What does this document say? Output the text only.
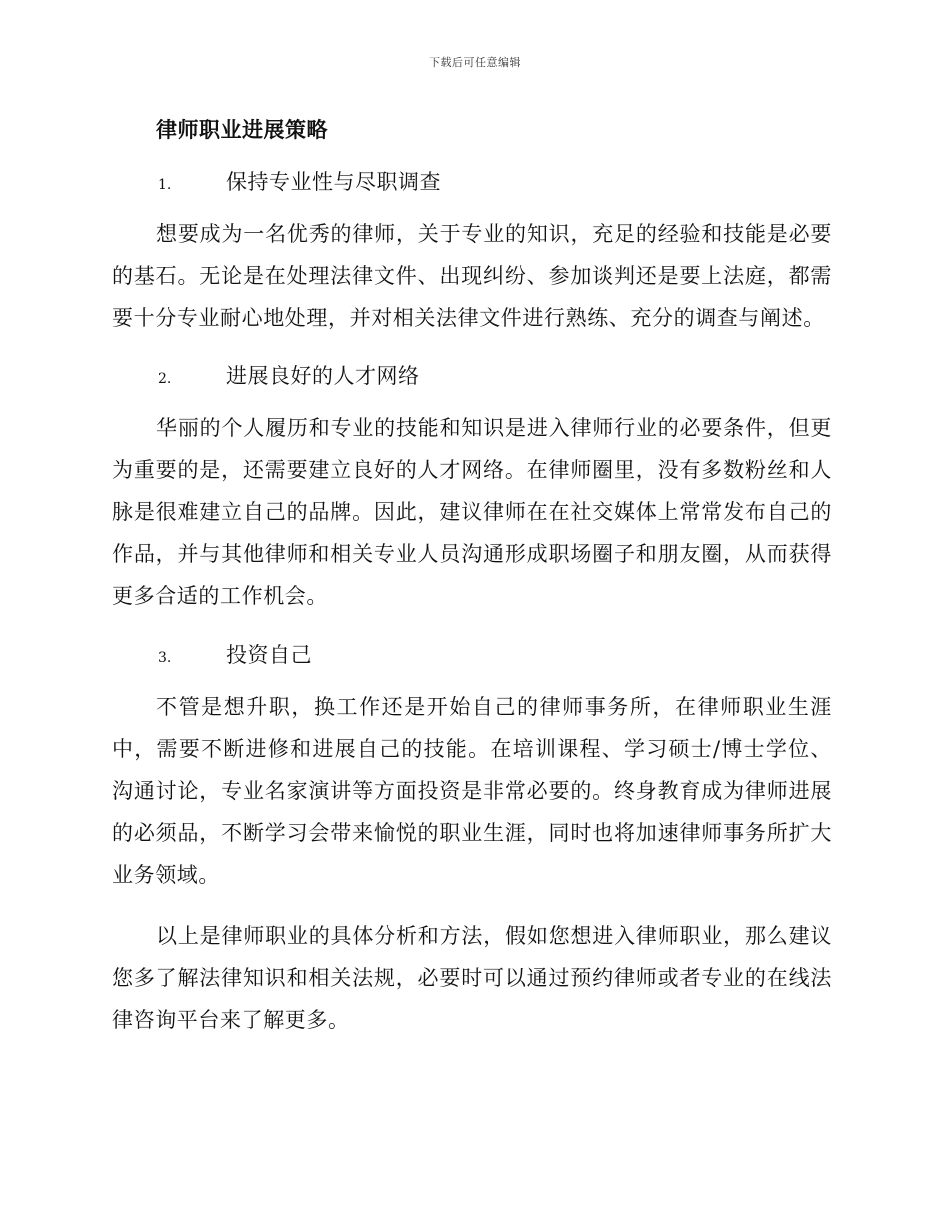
下载后可任意编辑
律师职业进展策略
1.	保持专业性与尽职调查

想要成为一名优秀的律师，关于专业的知识，充足的经验和技能是必要的基石。无论是在处理法律文件、出现纠纷、参加谈判还是要上法庭，都需要十分专业耐心地处理，并对相关法律文件进行熟练、充分的调查与阐述。

2.	进展良好的人才网络

华丽的个人履历和专业的技能和知识是进入律师行业的必要条件，但更为重要的是，还需要建立良好的人才网络。在律师圈里，没有多数粉丝和人脉是很难建立自己的品牌。因此，建议律师在在社交媒体上常常发布自己的作品，并与其他律师和相关专业人员沟通形成职场圈子和朋友圈，从而获得更多合适的工作机会。

3.	投资自己

不管是想升职，换工作还是开始自己的律师事务所，在律师职业生涯中，需要不断进修和进展自己的技能。在培训课程、学习硕士/博士学位、沟通讨论，专业名家演讲等方面投资是非常必要的。终身教育成为律师进展的必须品，不断学习会带来愉悦的职业生涯，同时也将加速律师事务所扩大业务领域。

以上是律师职业的具体分析和方法，假如您想进入律师职业，那么建议您多了解法律知识和相关法规，必要时可以通过预约律师或者专业的在线法律咨询平台来了解更多。
